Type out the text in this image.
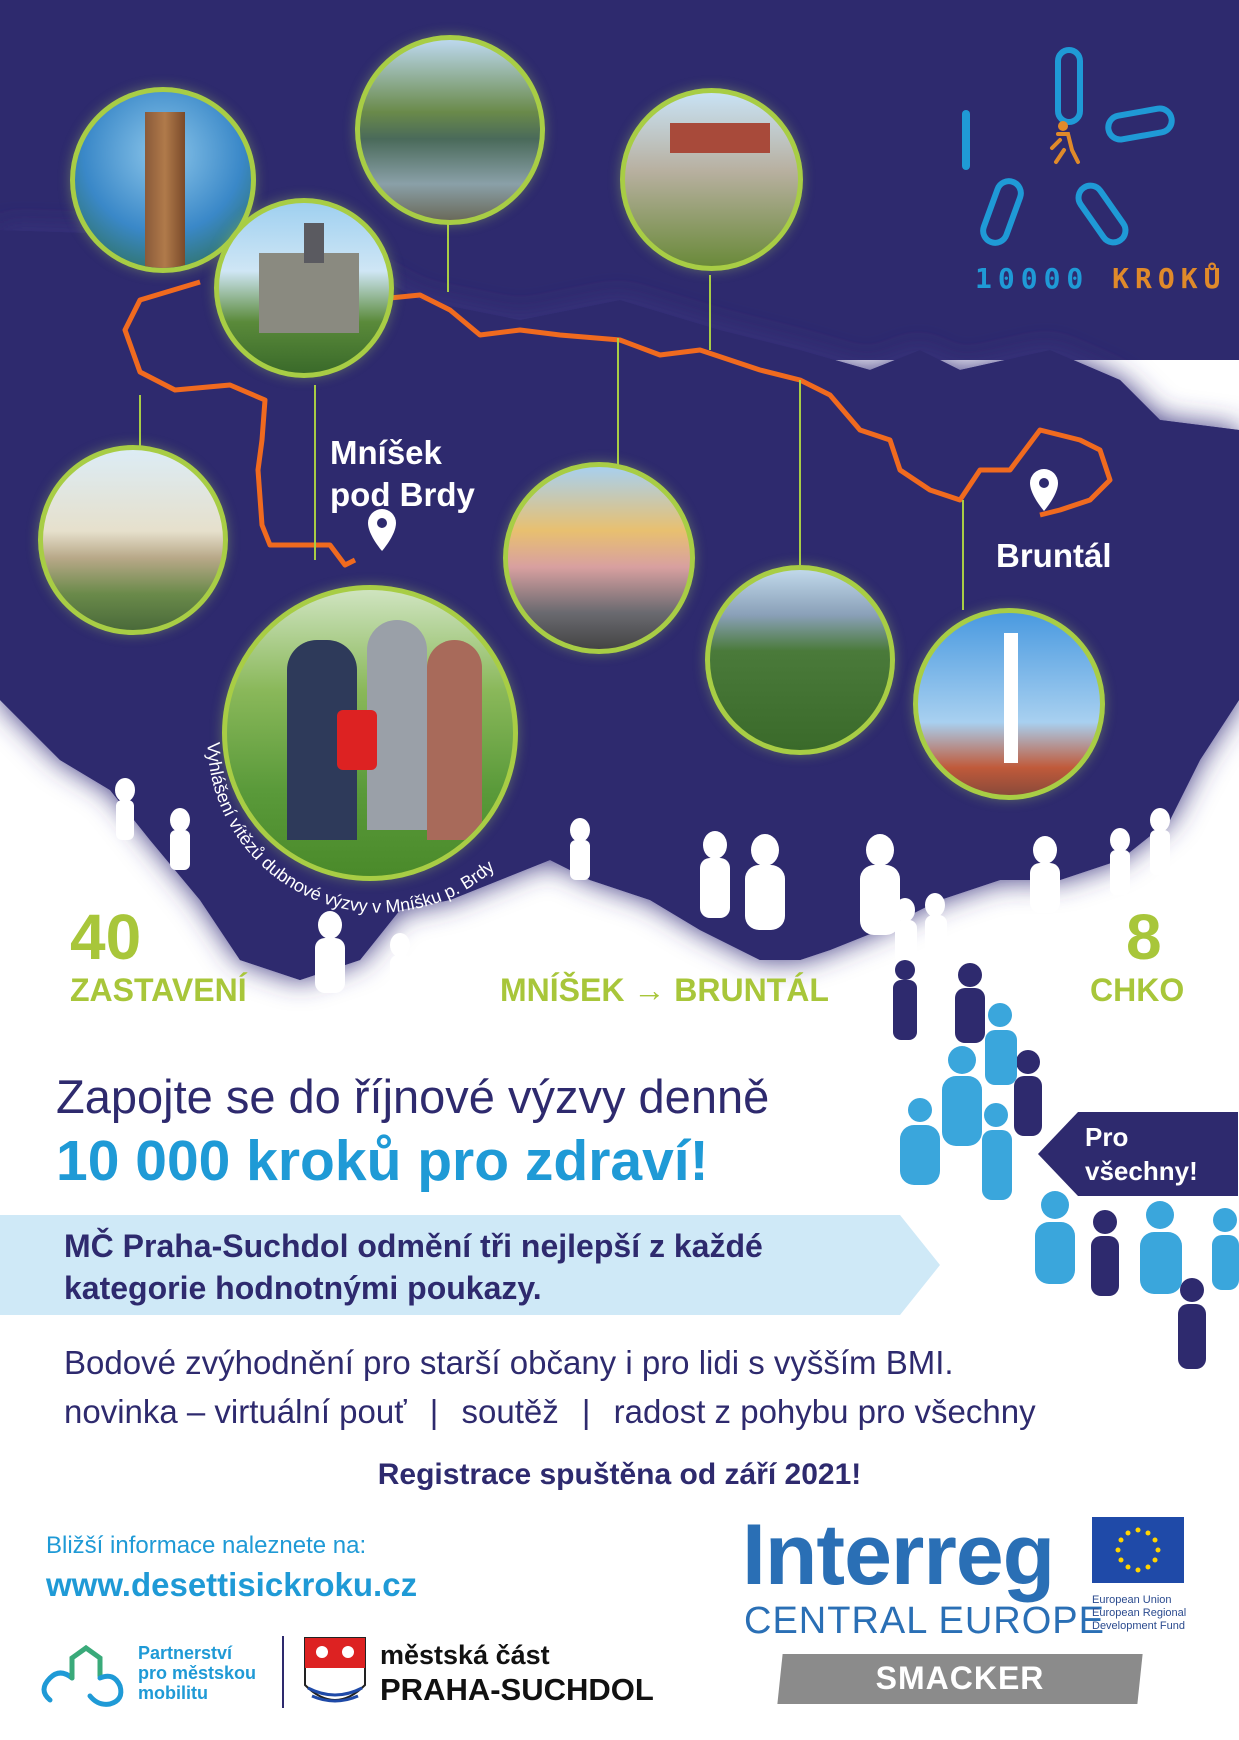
Mníšek
pod Brdy
Bruntál
Vyhlášení vítězů dubnové výzvy v Mníšku p. Brdy
10000 KROKŮ
40
ZASTAVENÍ	MNÍŠEK → BRUNTÁL
8
CHKO
Pro
všechny!
Zapojte se do říjnové výzvy denně
10 000 kroků pro zdraví!
MČ Praha-Suchdol odmění tři nejlepší z každé
kategorie hodnotnými poukazy.
Bodové zvýhodnění pro starší občany i pro lidi s vyšším BMI.
novinka – virtuální pouť | soutěž | radost z pohybu pro všechny
Registrace spuštěna od září 2021!
Bližší informace naleznete na:
www.desettisickroku.cz
Partnerství
pro městskou
mobilitu
městská část
PRAHA-SUCHDOL
Interreg
CENTRAL EUROPE
European Union
European Regional
Development Fund
SMACKER
